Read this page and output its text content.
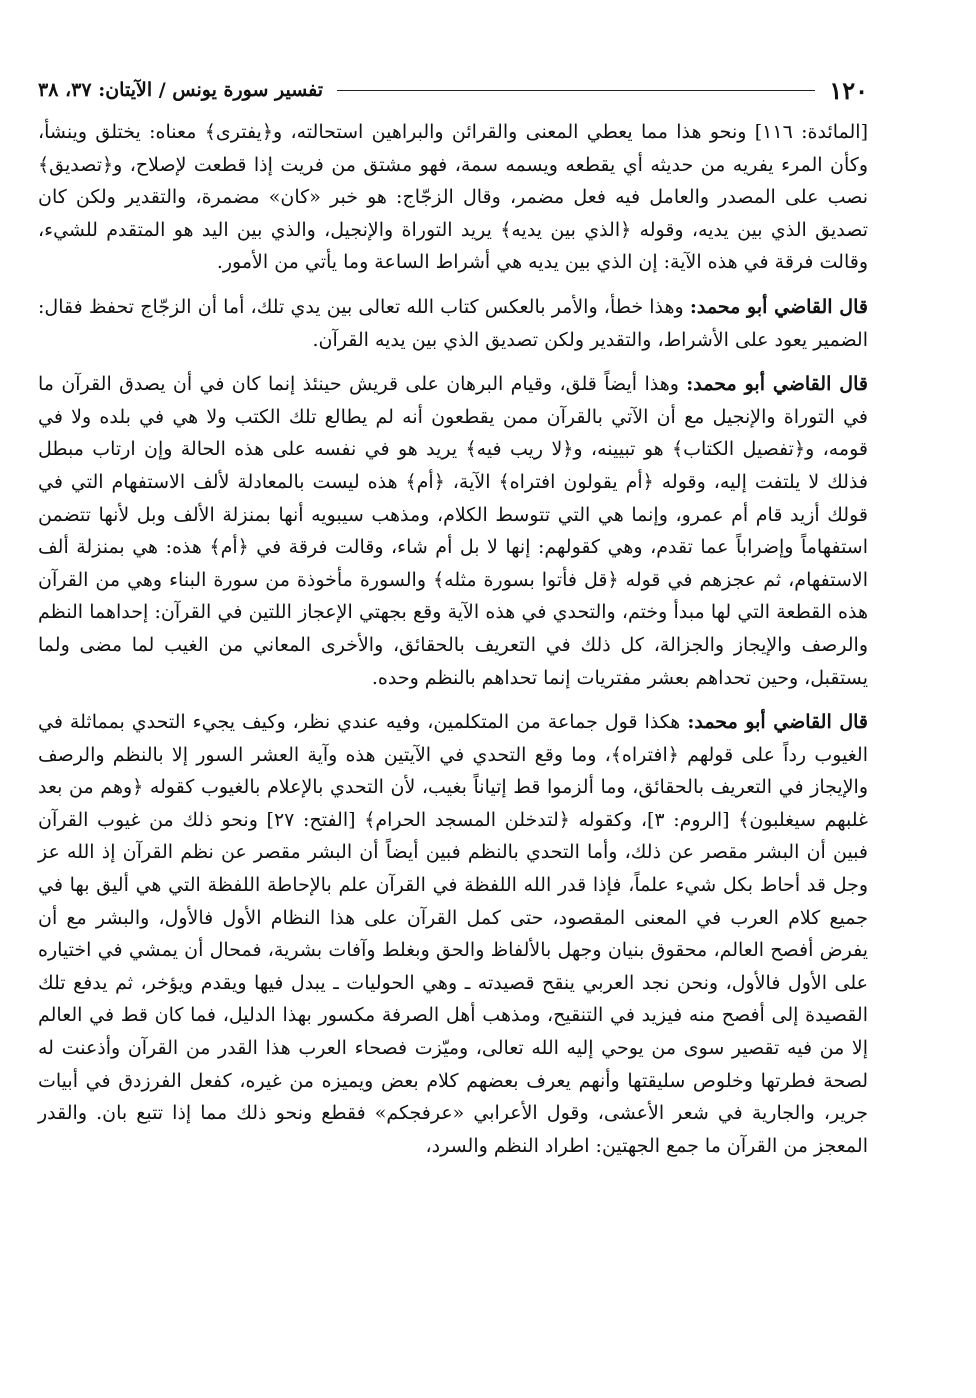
١٢٠
تفسير سورة يونس / الآيتان: ٣٧، ٣٨

[المائدة: ١١٦] ونحو هذا مما يعطي المعنى والقرائن والبراهين استحالته، و﴿يفترى﴾ معناه: يختلق وينشأ، وكأن المرء يفريه من حديثه أي يقطعه ويسمه سمة، فهو مشتق من فريت إذا قطعت لإصلاح، و﴿تصديق﴾ نصب على المصدر والعامل فيه فعل مضمر، وقال الزجّاج: هو خبر «كان» مضمرة، والتقدير ولكن كان تصديق الذي بين يديه، وقوله ﴿الذي بين يديه﴾ يريد التوراة والإنجيل، والذي بين اليد هو المتقدم للشيء، وقالت فرقة في هذه الآية: إن الذي بين يديه هي أشراط الساعة وما يأتي من الأمور.

قال القاضي أبو محمد: وهذا خطأ، والأمر بالعكس كتاب الله تعالى بين يدي تلك، أما أن الزجّاج تحفظ فقال: الضمير يعود على الأشراط، والتقدير ولكن تصديق الذي بين يديه القرآن.

قال القاضي أبو محمد: وهذا أيضاً قلق، وقيام البرهان على قريش حينئذ إنما كان في أن يصدق القرآن ما في التوراة والإنجيل مع أن الآتي بالقرآن ممن يقطعون أنه لم يطالع تلك الكتب ولا هي في بلده ولا في قومه، و﴿تفصيل الكتاب﴾ هو تبيينه، و﴿لا ريب فيه﴾ يريد هو في نفسه على هذه الحالة وإن ارتاب مبطل فذلك لا يلتفت إليه، وقوله ﴿أم يقولون افتراه﴾ الآية، ﴿أم﴾ هذه ليست بالمعادلة لألف الاستفهام التي في قولك أزيد قام أم عمرو، وإنما هي التي تتوسط الكلام، ومذهب سيبويه أنها بمنزلة الألف وبل لأنها تتضمن استفهاماً وإضراباً عما تقدم، وهي كقولهم: إنها لا بل أم شاء، وقالت فرقة في ﴿أم﴾ هذه: هي بمنزلة ألف الاستفهام، ثم عجزهم في قوله ﴿قل فأتوا بسورة مثله﴾ والسورة مأخوذة من سورة البناء وهي من القرآن هذه القطعة التي لها مبدأ وختم، والتحدي في هذه الآية وقع بجهتي الإعجاز اللتين في القرآن: إحداهما النظم والرصف والإيجاز والجزالة، كل ذلك في التعريف بالحقائق، والأخرى المعاني من الغيب لما مضى ولما يستقبل، وحين تحداهم بعشر مفتريات إنما تحداهم بالنظم وحده.

قال القاضي أبو محمد: هكذا قول جماعة من المتكلمين، وفيه عندي نظر، وكيف يجيء التحدي بمماثلة في الغيوب رداً على قولهم ﴿افتراه﴾، وما وقع التحدي في الآيتين هذه وآية العشر السور إلا بالنظم والرصف والإيجاز في التعريف بالحقائق، وما ألزموا قط إتياناً بغيب، لأن التحدي بالإعلام بالغيوب كقوله ﴿وهم من بعد غلبهم سيغلبون﴾ [الروم: ٣]، وكقوله ﴿لتدخلن المسجد الحرام﴾ [الفتح: ٢٧] ونحو ذلك من غيوب القرآن فبين أن البشر مقصر عن ذلك، وأما التحدي بالنظم فبين أيضاً أن البشر مقصر عن نظم القرآن إذ الله عز وجل قد أحاط بكل شيء علماً، فإذا قدر الله اللفظة في القرآن علم بالإحاطة اللفظة التي هي أليق بها في جميع كلام العرب في المعنى المقصود، حتى كمل القرآن على هذا النظام الأول فالأول، والبشر مع أن يفرض أفصح العالم، محقوق بنيان وجهل بالألفاظ والحق وبغلط وآفات بشرية، فمحال أن يمشي في اختياره على الأول فالأول، ونحن نجد العربي ينقح قصيدته ـ وهي الحوليات ـ يبدل فيها ويقدم ويؤخر، ثم يدفع تلك القصيدة إلى أفصح منه فيزيد في التنقيح، ومذهب أهل الصرفة مكسور بهذا الدليل، فما كان قط في العالم إلا من فيه تقصير سوى من يوحي إليه الله تعالى، وميّزت فصحاء العرب هذا القدر من القرآن وأذعنت له لصحة فطرتها وخلوص سليقتها وأنهم يعرف بعضهم كلام بعض ويميزه من غيره، كفعل الفرزدق في أبيات جرير، والجارية في شعر الأعشى، وقول الأعرابي «عرفجكم» فقطع ونحو ذلك مما إذا تتبع بان. والقدر المعجز من القرآن ما جمع الجهتين: اطراد النظم والسرد،
